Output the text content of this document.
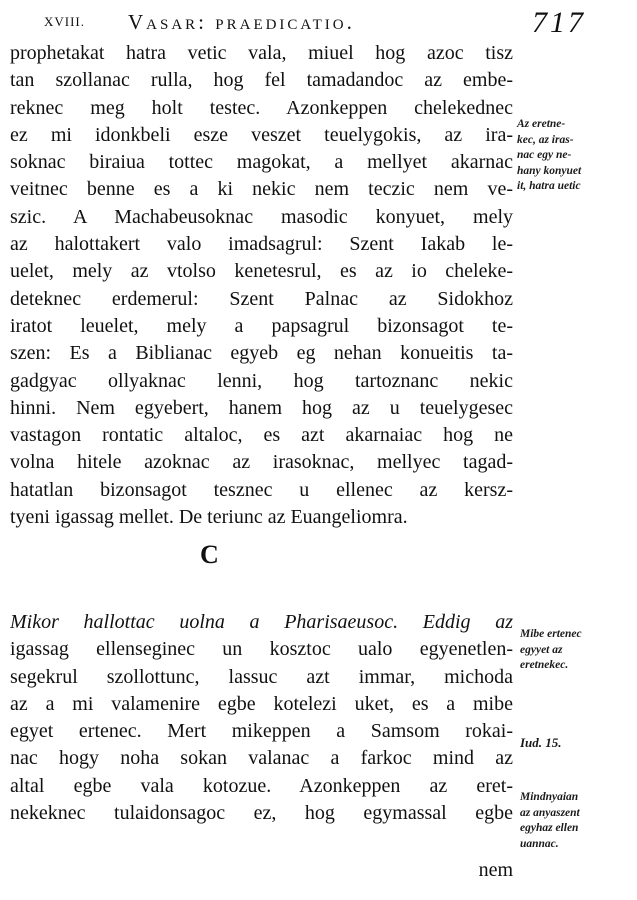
XVIII. Vasar: praedicatio.	717
prophetakat hatra vetic vala, miuel hog azoc tisz
tan szollanac rulla, hog fel tamadandoc az embe-
reknec meg holt testec. Azonkeppen chelekednec
ez mi idonkbeli esze veszet teuelygokis, az ira-
soknac biraiua tottec magokat, a mellyet akarnac
veitnec benne es a ki nekic nem teczic nem ve-
szic. A Machabeusoknac masodic konyuet, mely
az halottakert valo imadsagrul: Szent Iakab le-
uelet, mely az vtolso kenetesrul, es az io cheleke-
deteknec erdemerul: Szent Palnac az Sidokhoz
iratot leuelet, mely a papsagrul bizonsagot te-
szen: Es a Biblianac egyeb eg nehan konueitis ta-
gadgyac ollyaknac lenni, hog tartoznanc nekic
hinni. Nem egyebert, hanem hog az u teuelygesec
vastagon rontatic altaloc, es azt akarnaiac hog ne
volna hitele azoknac az irasoknac, mellyec tagad-
hatatlan bizonsagot tesznec u ellenec az kersz-
tyeni igassag mellet. De teriunc az Euangeliomra.
C
Mikor hallottac uolna a Pharisaeusoc. Eddig az
igassag ellenseginec un kosztoc ualo egyenetlen-
segekrul szollottunc, lassuc azt immar, michoda
az a mi valamenire egbe kotelezi uket, es a mibe
egyet ertenec. Mert mikeppen a Samsom rokai-
nac hogy noha sokan valanac a farkoc mind az
altal egbe vala kotozue. Azonkeppen az eret-
nekeknec tulaidonsagoc ez, hog egymassal egbe
nem
Az eretne-
kec, az iras-
nac egy ne-
hany konyuet
it, hatra uetic
Mibe ertenec
egyyet az
eretnekec.
Iud. 15.
Mindnyaian
az anyaszent
egyhaz ellen
uannac.
